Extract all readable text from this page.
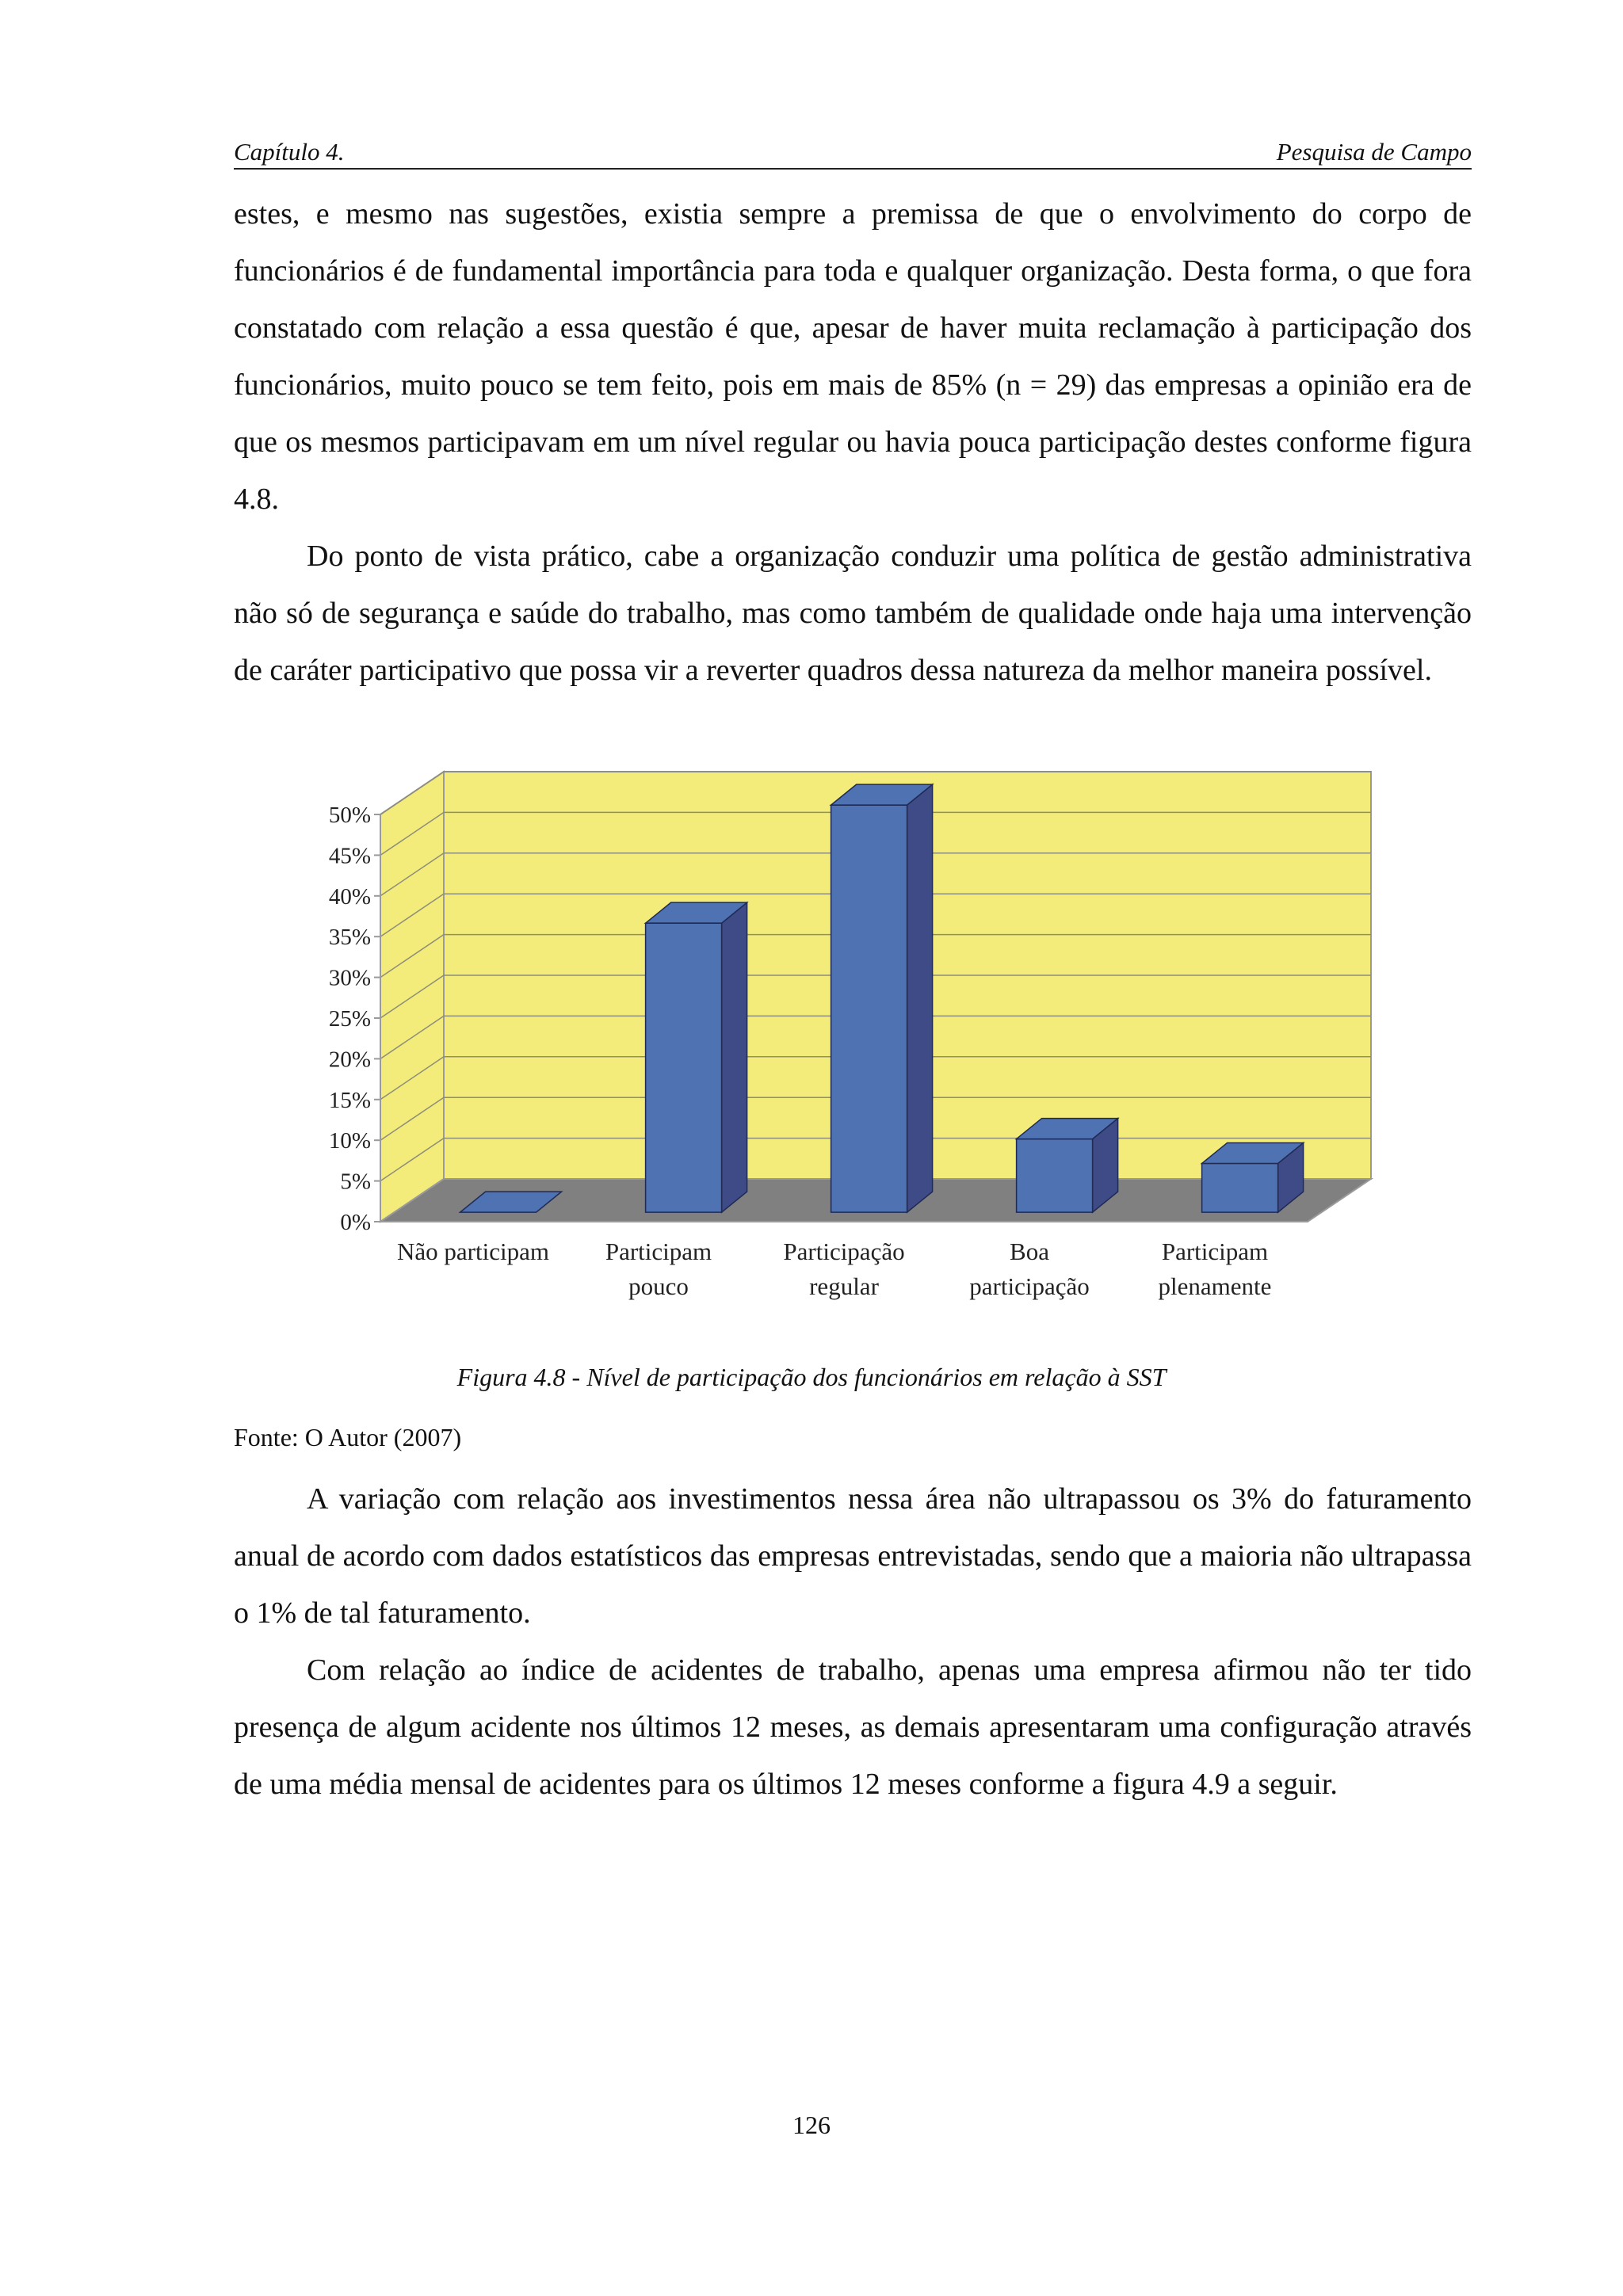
Capítulo 4.	Pesquisa de Campo

estes, e mesmo nas sugestões, existia sempre a premissa de que o envolvimento do corpo de funcionários é de fundamental importância para toda e qualquer organização. Desta forma, o que fora constatado com relação a essa questão é que, apesar de haver muita reclamação à participação dos funcionários, muito pouco se tem feito, pois em mais de 85% (n = 29) das empresas a opinião era de que os mesmos participavam em um nível regular ou havia pouca participação destes conforme figura 4.8.

Do ponto de vista prático, cabe a organização conduzir uma política de gestão administrativa não só de segurança e saúde do trabalho, mas como também de qualidade onde haja uma intervenção de caráter participativo que possa vir a reverter quadros dessa natureza da melhor maneira possível.

0%
5%
10%
15%
20%
25%
30%
35%
40%
45%
50%
Não participam Participam
pouco
Participação
regular
Boa
participação
Participam
plenamente
Figura 4.8 - Nível de participação dos funcionários em relação à SST
Fonte: O Autor (2007)

A variação com relação aos investimentos nessa área não ultrapassou os 3% do faturamento anual de acordo com dados estatísticos das empresas entrevistadas, sendo que a maioria não ultrapassa o 1% de tal faturamento.

Com relação ao índice de acidentes de trabalho, apenas uma empresa afirmou não ter tido presença de algum acidente nos últimos 12 meses, as demais apresentaram uma configuração através de uma média mensal de acidentes para os últimos 12 meses conforme a figura 4.9 a seguir.

126
